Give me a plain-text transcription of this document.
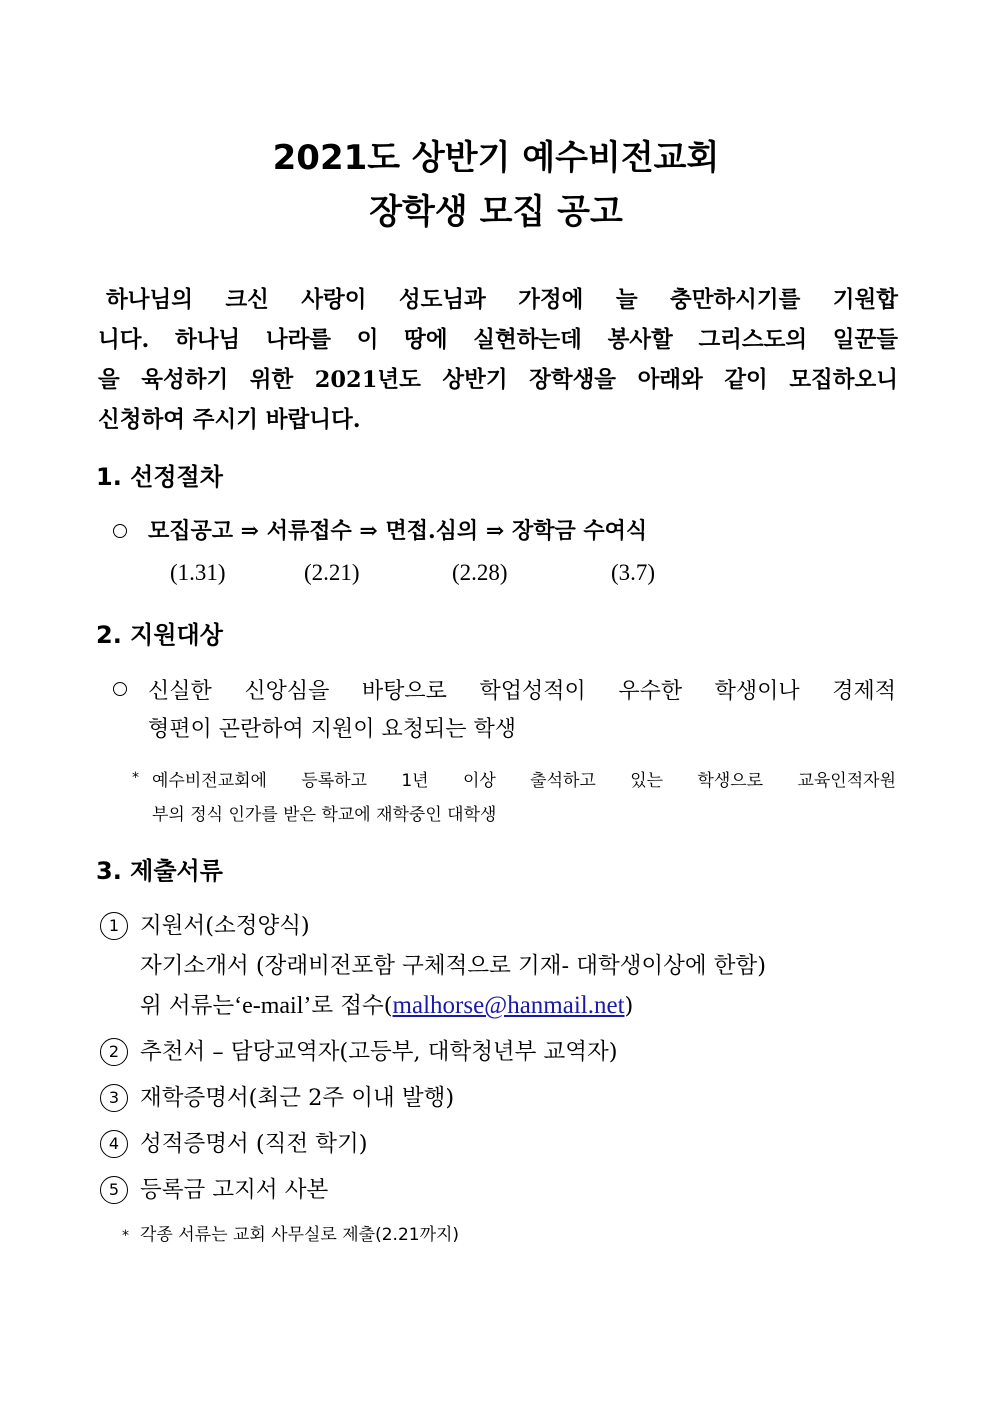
2021도 상반기 예수비전교회
장학생 모집 공고
하나님의 크신 사랑이 성도님과 가정에 늘 충만하시기를 기원합
니다. 하나님 나라를 이 땅에 실현하는데 봉사할 그리스도의 일꾼들
을 육성하기 위한 2021년도 상반기 장학생을 아래와 같이 모집하오니
신청하여 주시기 바랍니다.
1. 선정절차
모집공고 ⇒ 서류접수 ⇒ 면접.심의 ⇒ 장학금 수여식
(1.31)	(2.21)	(2.28)	(3.7)
2. 지원대상
신실한 신앙심을 바탕으로 학업성적이 우수한 학생이나 경제적
형편이 곤란하여 지원이 요청되는 학생
* 예수비전교회에 등록하고 1년 이상 출석하고 있는 학생으로 교육인적자원
부의 정식 인가를 받은 학교에 재학중인 대학생
3. 제출서류
1 지원서(소정양식)
자기소개서 (장래비전포함 구체적으로 기재- 대학생이상에 한함)
위 서류는‘e-mail’로 접수(malhorse@hanmail.net)
2 추천서 – 담당교역자(고등부, 대학청년부 교역자)
3 재학증명서(최근 2주 이내 발행)
4 성적증명서 (직전 학기)
5 등록금 고지서 사본
* 각종 서류는 교회 사무실로 제출(2.21까지)
